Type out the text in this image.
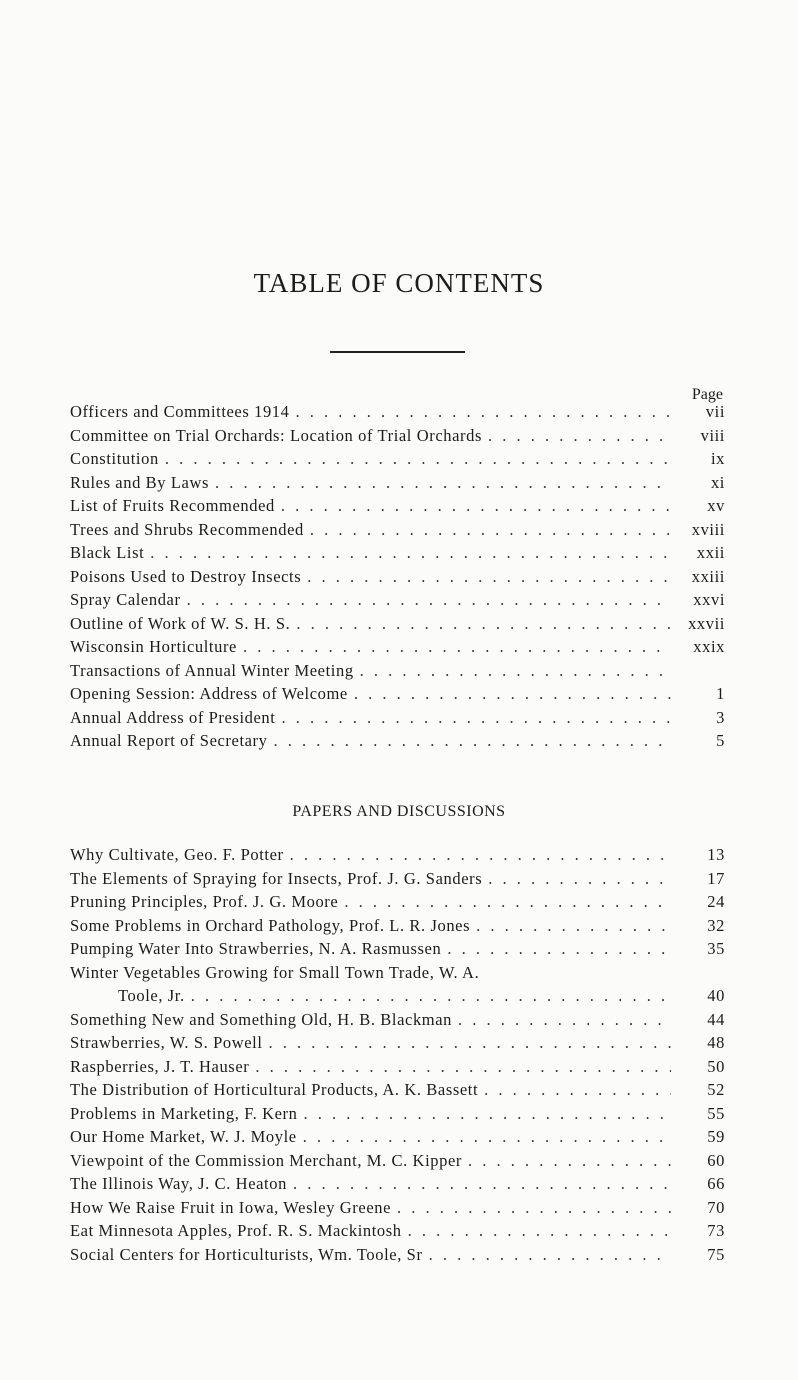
TABLE OF CONTENTS
Page
Officers and Committees 1914 . . .	vii
Committee on Trial Orchards: Location of Trial Orchards . . .	viii
Constitution . . .	ix
Rules and By Laws . . .	xi
List of Fruits Recommended . . .	xv
Trees and Shrubs Recommended . . .	xviii
Black List . . .	xxii
Poisons Used to Destroy Insects . . .	xxiii
Spray Calendar . . .	xxvi
Outline of Work of W. S. H. S. . . .	xxvii
Wisconsin Horticulture . . .	xxix
Transactions of Annual Winter Meeting
. . .
Opening Session: Address of Welcome . . .	1
Annual Address of President . . .	3
Annual Report of Secretary . . .	5
PAPERS AND DISCUSSIONS
Why Cultivate, Geo. F. Potter . . .	13
The Elements of Spraying for Insects, Prof. J. G. Sanders . . .	17
Pruning Principles, Prof. J. G. Moore . . .	24
Some Problems in Orchard Pathology, Prof. L. R. Jones . . .	32
Pumping Water Into Strawberries, N. A. Rasmussen . . .	35
Winter Vegetables Growing for Small Town Trade, W. A.
Toole, Jr. . . .	40
Something New and Something Old, H. B. Blackman . . .	44
Strawberries, W. S. Powell . . .	48
Raspberries, J. T. Hauser . . .	50
The Distribution of Horticultural Products, A. K. Bassett . . .	52
Problems in Marketing, F. Kern . . .	55
Our Home Market, W. J. Moyle . . .	59
Viewpoint of the Commission Merchant, M. C. Kipper . . .	60
The Illinois Way, J. C. Heaton . . .	66
How We Raise Fruit in Iowa, Wesley Greene . . .	70
Eat Minnesota Apples, Prof. R. S. Mackintosh . . .	73
Social Centers for Horticulturists, Wm. Toole, Sr . . .	75
